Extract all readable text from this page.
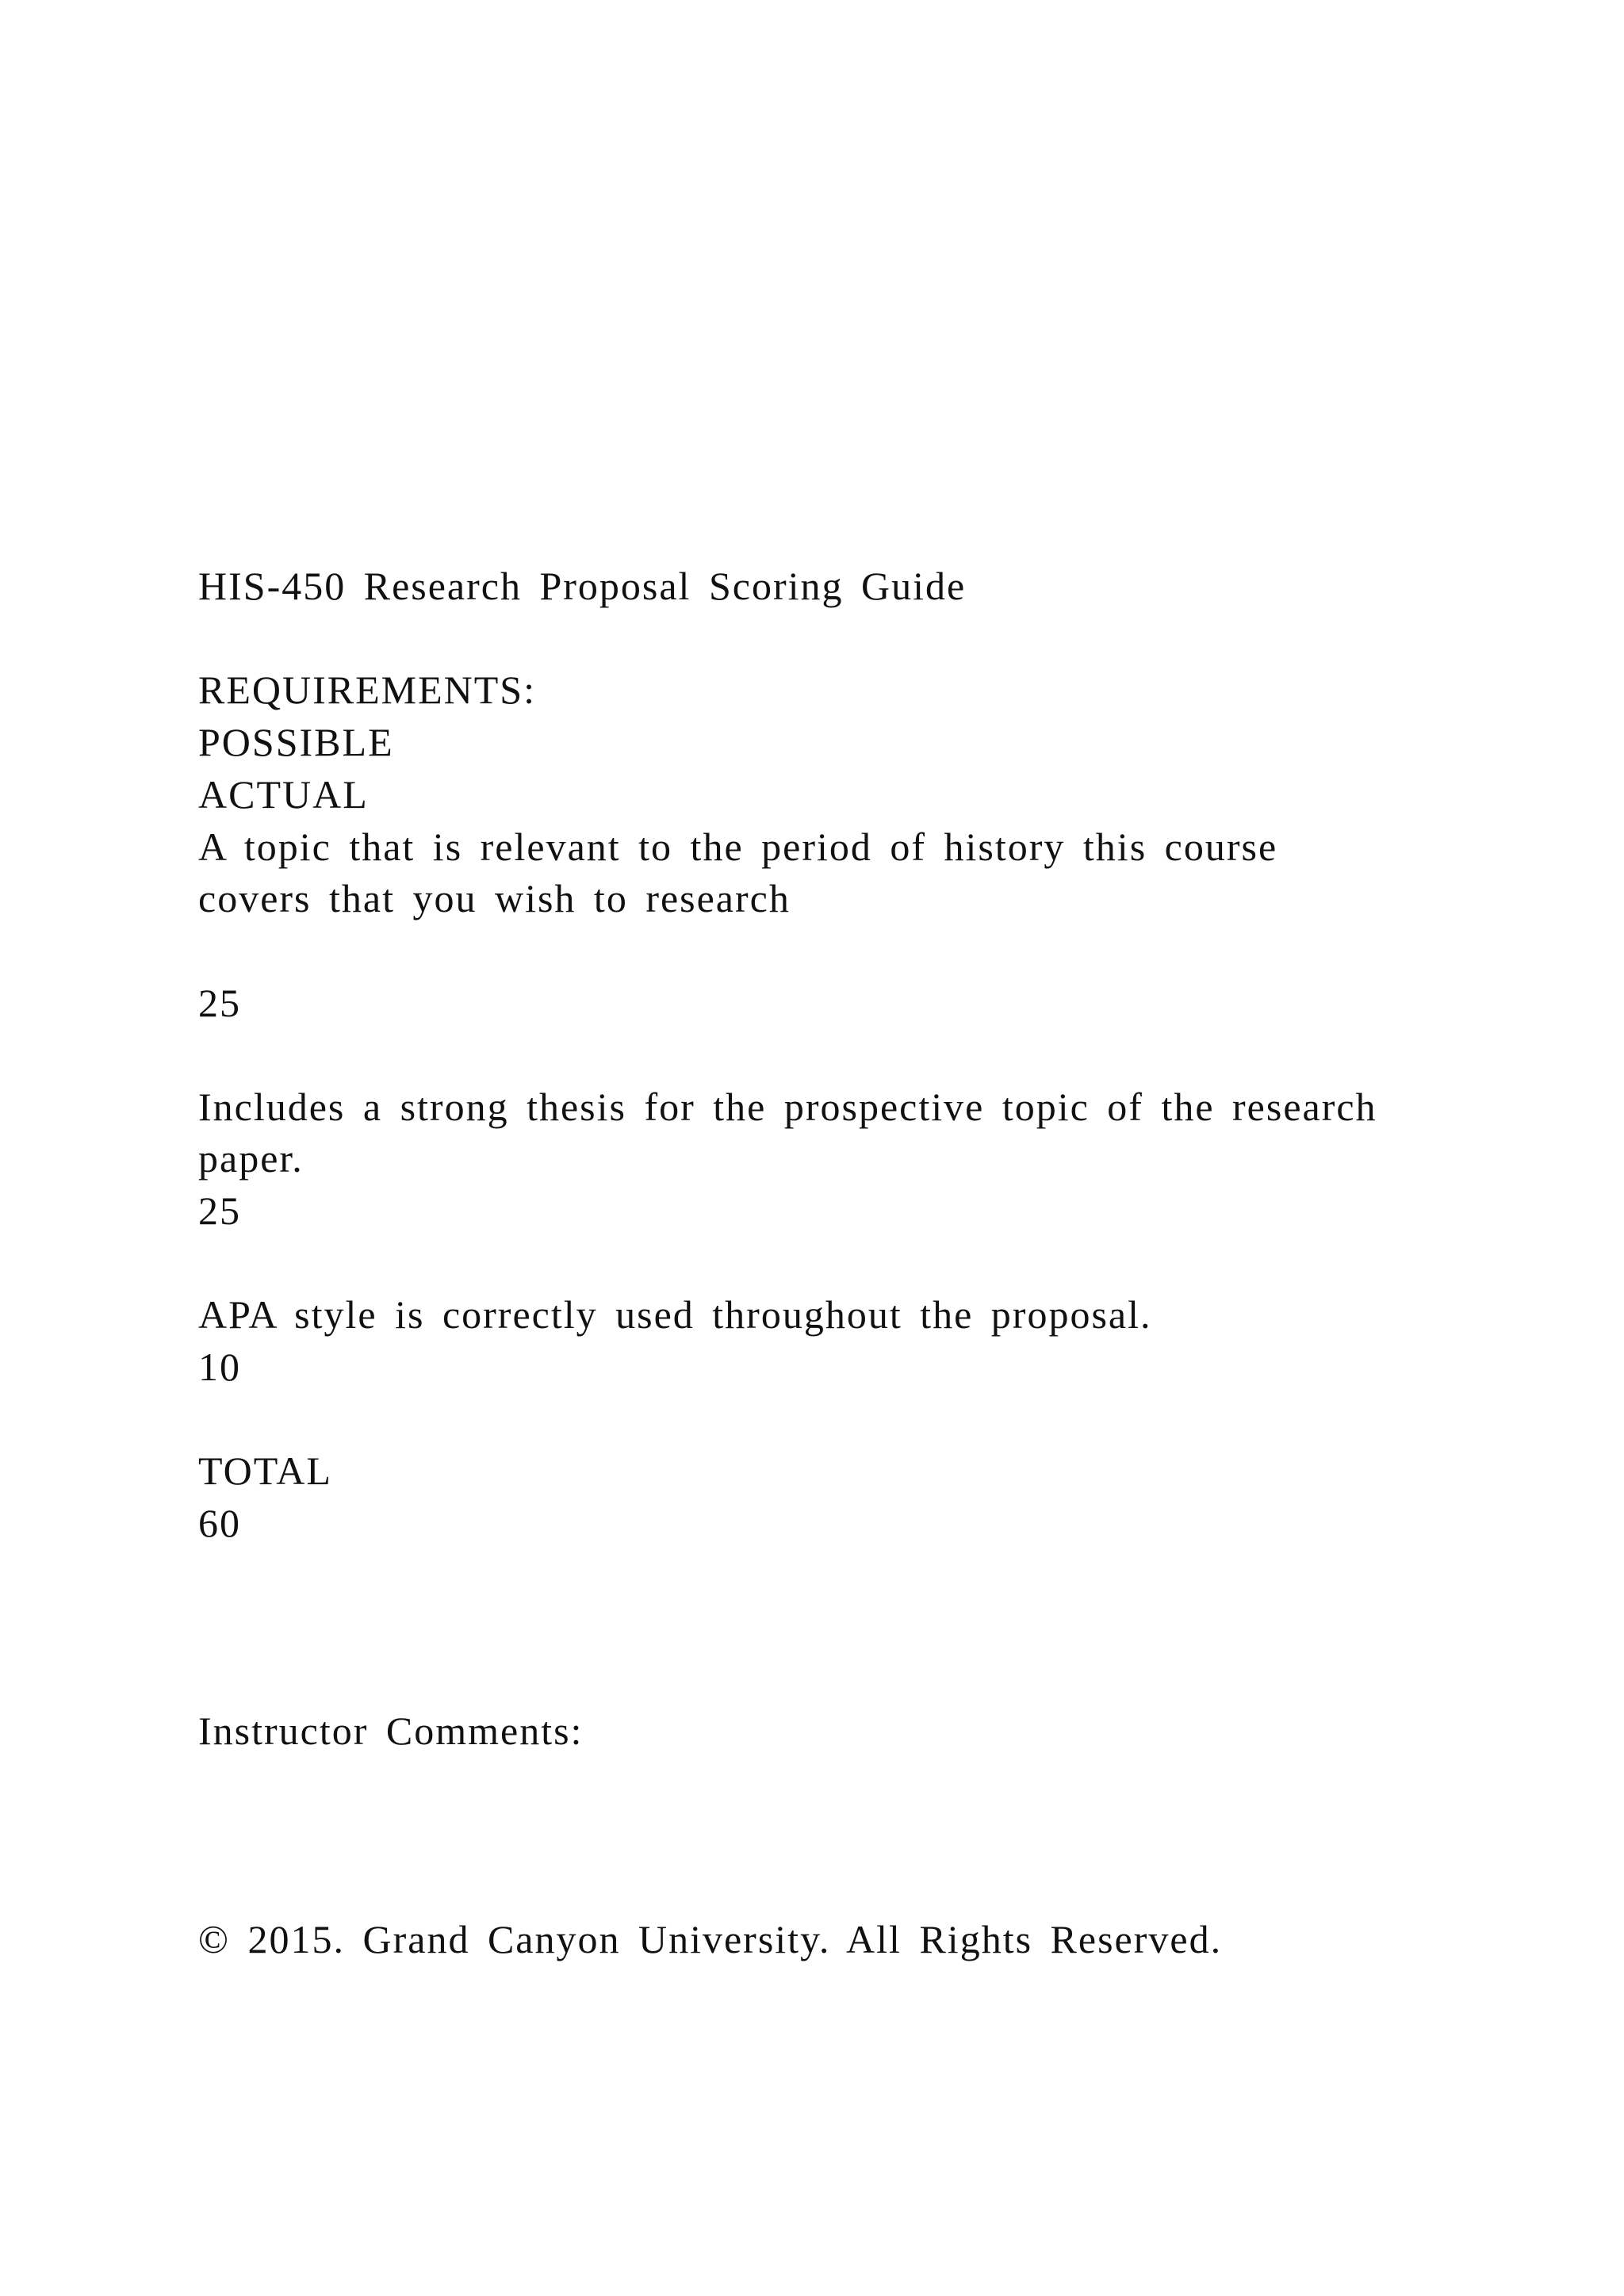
HIS-450 Research Proposal Scoring Guide
REQUIREMENTS:
POSSIBLE
ACTUAL
A topic that is relevant to the period of history this course
covers that you wish to research
25
Includes a strong thesis for the prospective topic of the research
paper.
25
APA style is correctly used throughout the proposal.
10
TOTAL
60
Instructor Comments:
© 2015. Grand Canyon University. All Rights Reserved.
